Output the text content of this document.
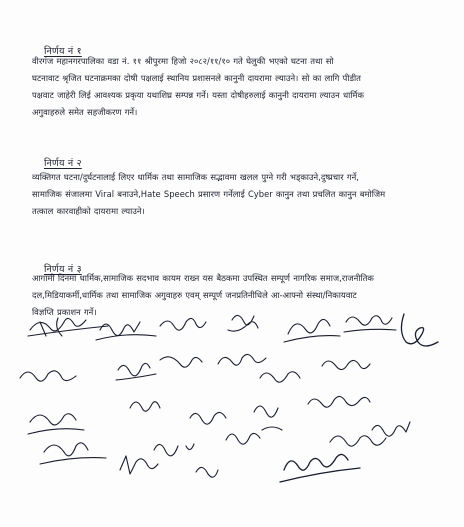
निर्णय नं १
वीरगंज महानगरपालिका वडा नं. ११ श्रीपुरमा हिजो २०८२/११/१० गते घेलुकी भएको घटना तथा सो
घटनावाट श्रृजित घटनाक्रमका दोषी पक्षलाई स्थानिय प्रशासनले कानुनी दायरामा ल्याउने। सो का लागि पीडीत
पक्षवाट जाहेरी लिई आवश्यक प्रकृया यथाशिघ्र सम्पन्न गर्ने। यस्ता दोषीहरुलाई कानुनी दायरामा ल्याउन धार्मिक
अगुवाहरुले समेत सहजीकरण गर्ने।
निर्णय नं २
व्यक्तिगत घटना/दुर्घटनालाई लिएर धार्मिक तथा सामाजिक सद्भावमा खलल पुग्ने गरी भड्काउने,दुष्प्रचार गर्ने,
सामाजिक संजालमा Viral बनाउने,Hate Speech प्रसारण गर्नेलाई Cyber कानुन तथा प्रचलित कानुन बमोजिम
तत्काल कारवाहीको दायरामा ल्याउने।
निर्णय नं ३
आगामी दिनमा धार्मिक,सामाजिक सदभाव कायम राख्न यस बैठकमा उपस्थित सम्पूर्ण नागरिक समाज,राजनीतिक
दल,मिडियाकर्मी,धार्मिक तथा सामाजिक अगुवाहरु एवम् सम्पूर्ण जनप्रतिनीधिले आ-आफ्नो संस्था/निकायवाट
विज्ञप्ति प्रकाशन गर्ने।
